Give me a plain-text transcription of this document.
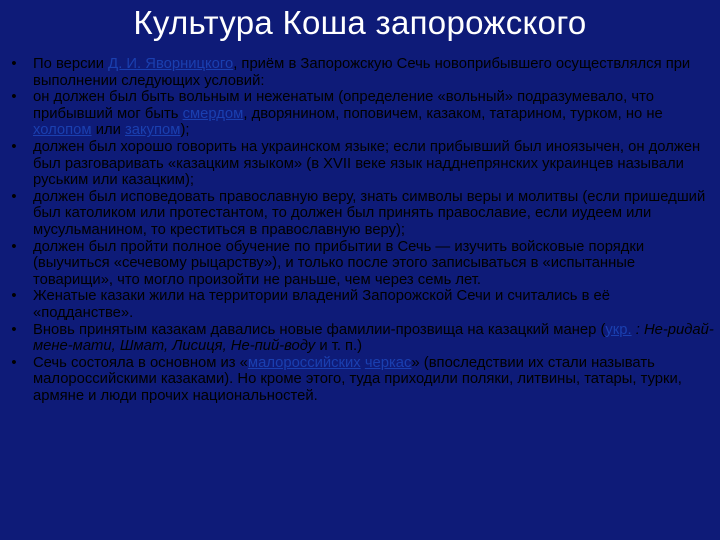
Культура Коша запорожского
• По версии Д. И. Яворницкого, приём в Запорожскую Сечь новоприбывшего осуществлялся при выполнении следующих условий:
• он должен был быть вольным и неженатым (определение «вольный» подразумевало, что прибывший мог быть смердом, дворянином, поповичем, казаком, татарином, турком, но не холопом или закупом);
• должен был хорошо говорить на украинском языке; если прибывший был иноязычен, он должен был разговаривать «казацким языком» (в XVII веке язык надднепрянских украинцев называли руським или казацким);
• должен был исповедовать православную веру, знать символы веры и молитвы (если пришедший был католиком или протестантом, то должен был принять православие, если иудеем или мусульманином, то креститься в православную веру);
• должен был пройти полное обучение по прибытии в Сечь — изучить войсковые порядки (выучиться «сечевому рыцарству»), и только после этого записываться в «испытанные товарищи», что могло произойти не раньше, чем через семь лет.
• Женатые казаки жили на территории владений Запорожской Сечи и считались в её «подданстве».
• Вновь принятым казакам давались новые фамилии-прозвища на казацкий манер (укр. : Не-ридай-мене-мати, Шмат, Лисиця, Не-пий-воду и т. п.)
• Сечь состояла в основном из «малороссийских черкас» (впоследствии их стали называть малороссийскими казаками). Но кроме этого, туда приходили поляки, литвины, татары, турки, армяне и люди прочих национальностей.
